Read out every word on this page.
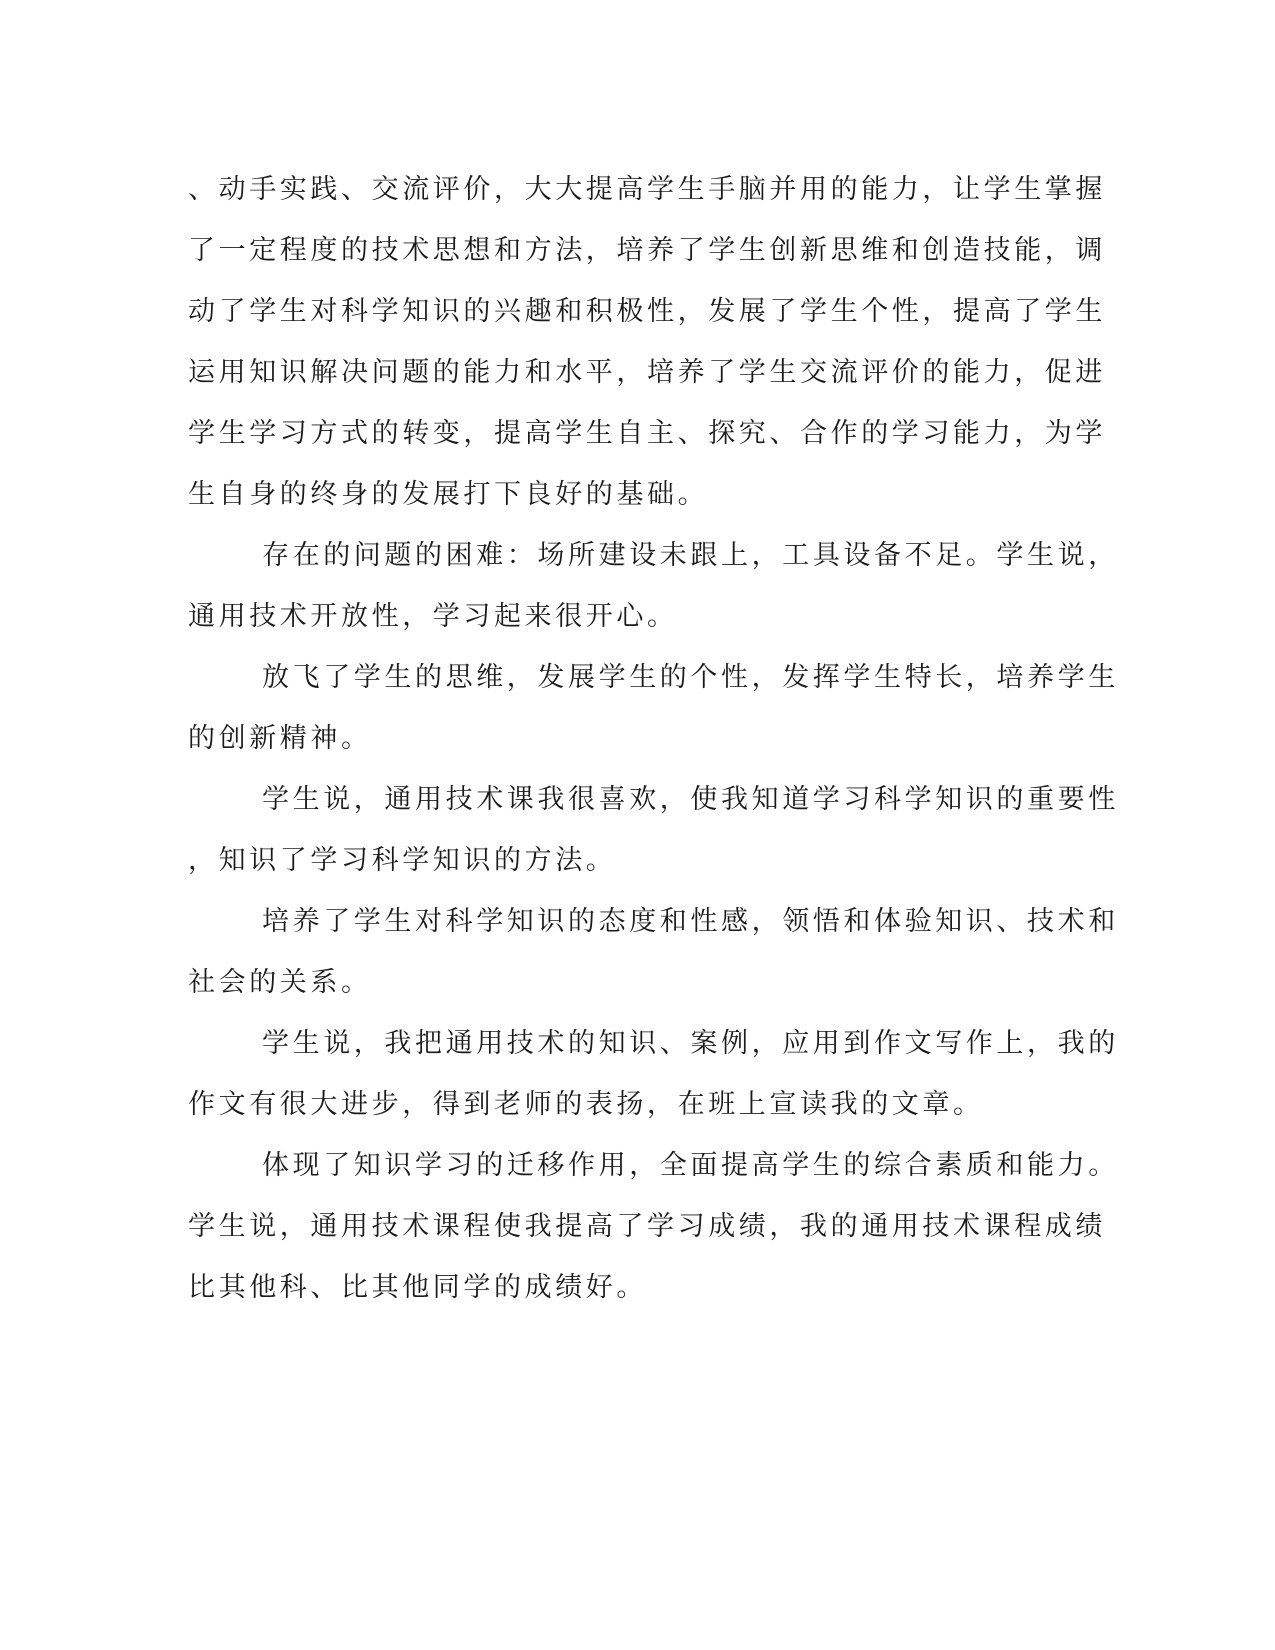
、动手实践、交流评价，大大提高学生手脑并用的能力，让学生掌握
了一定程度的技术思想和方法，培养了学生创新思维和创造技能，调
动了学生对科学知识的兴趣和积极性，发展了学生个性，提高了学生
运用知识解决问题的能力和水平，培养了学生交流评价的能力，促进
学生学习方式的转变，提高学生自主、探究、合作的学习能力，为学
生自身的终身的发展打下良好的基础。
存在的问题的困难：场所建设未跟上，工具设备不足。学生说，
通用技术开放性，学习起来很开心。
放飞了学生的思维，发展学生的个性，发挥学生特长，培养学生
的创新精神。
学生说，通用技术课我很喜欢，使我知道学习科学知识的重要性
，知识了学习科学知识的方法。
培养了学生对科学知识的态度和性感，领悟和体验知识、技术和
社会的关系。
学生说，我把通用技术的知识、案例，应用到作文写作上，我的
作文有很大进步，得到老师的表扬，在班上宣读我的文章。
体现了知识学习的迁移作用，全面提高学生的综合素质和能力。
学生说，通用技术课程使我提高了学习成绩，我的通用技术课程成绩
比其他科、比其他同学的成绩好。
